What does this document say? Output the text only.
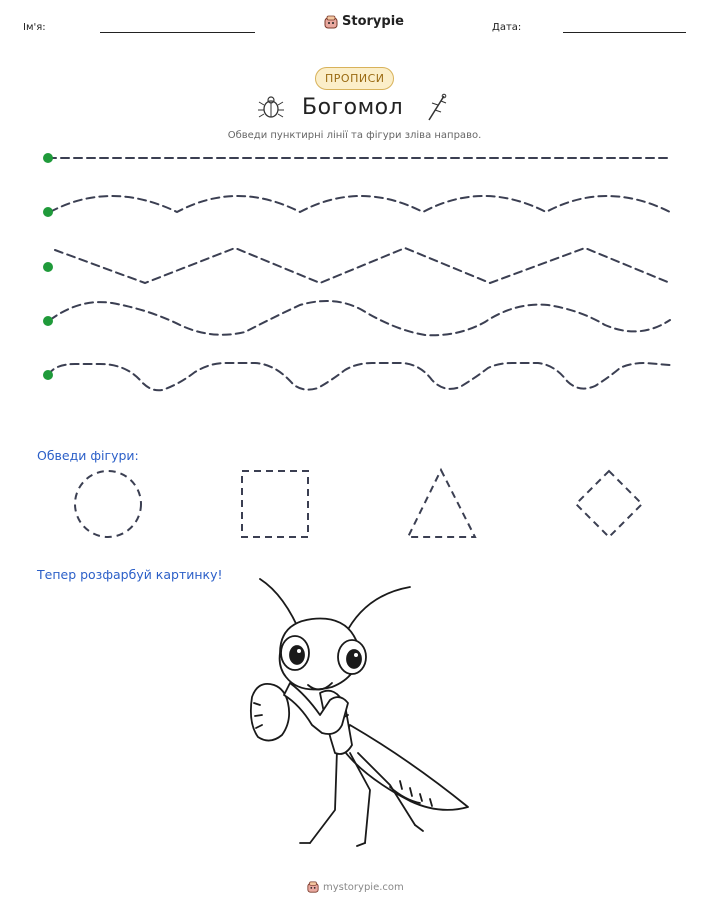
Ім'я:	Storypie	Дата:
ПРОПИСИ
Богомол
Обведи пунктирні лінії та фігури зліва направо.
Обведи фігури:
Тепер розфарбуй картинку!
mystorypie.com
